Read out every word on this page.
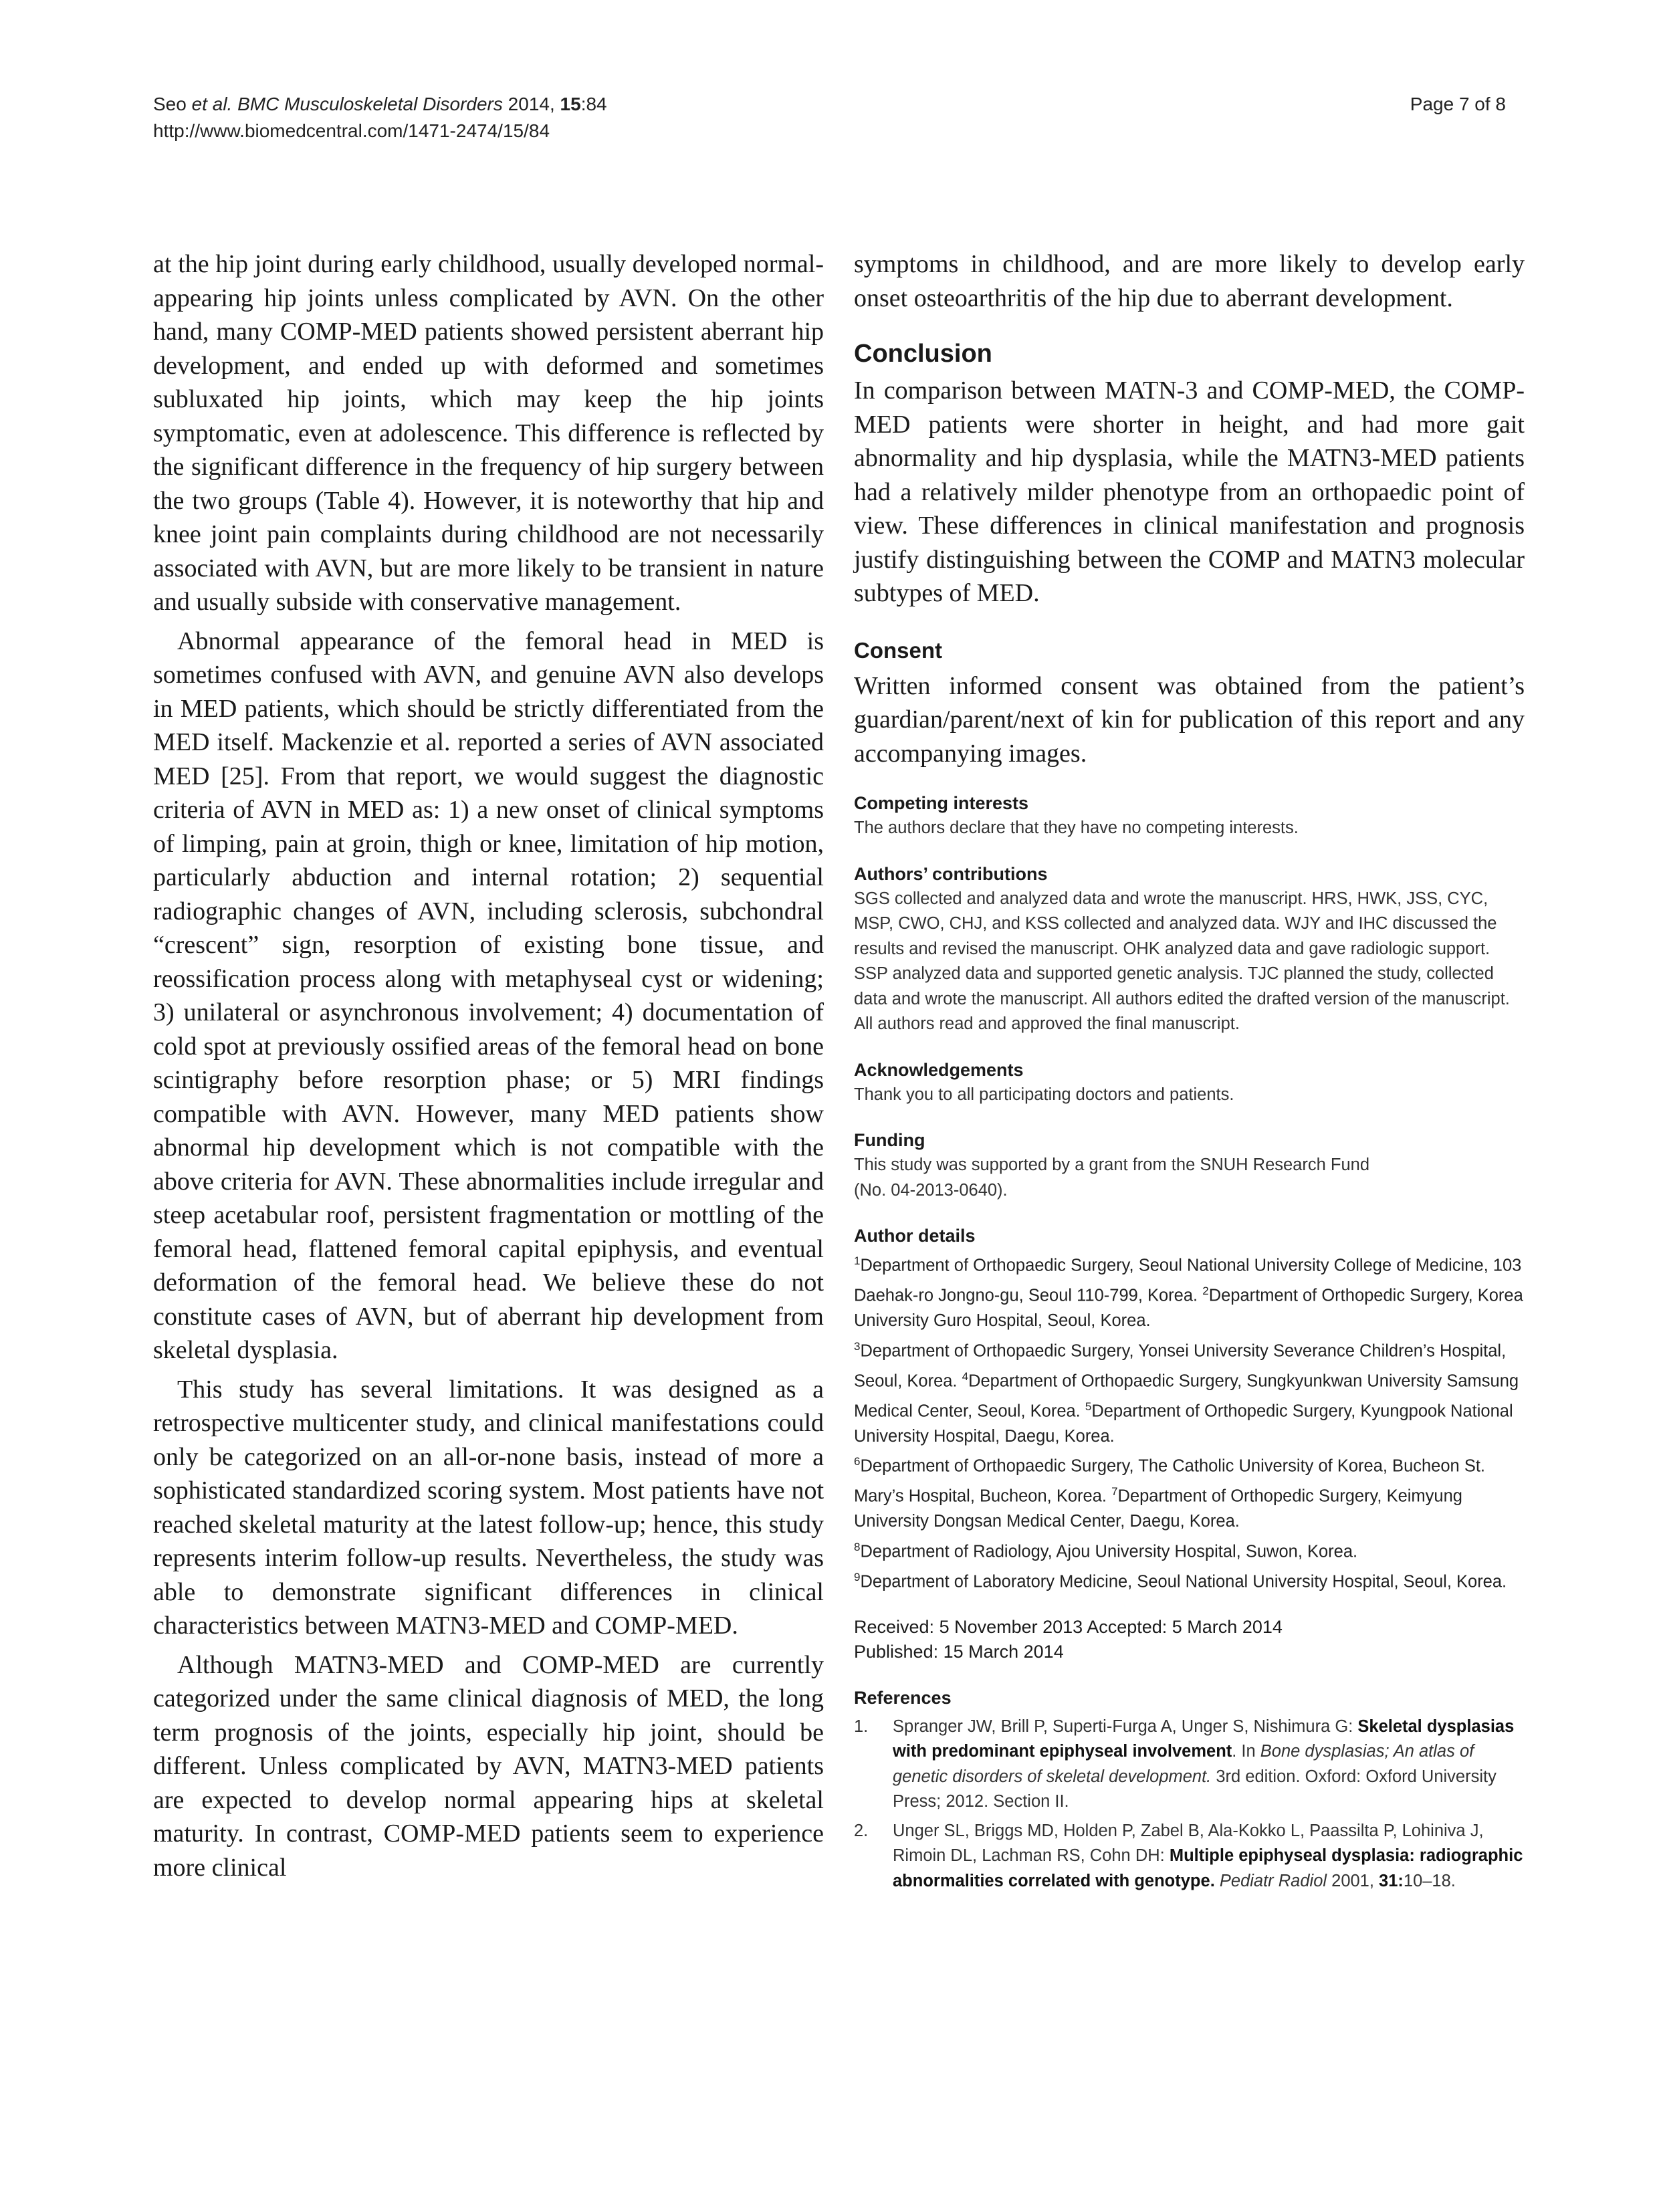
Seo et al. BMC Musculoskeletal Disorders 2014, 15:84
http://www.biomedcentral.com/1471-2474/15/84
Page 7 of 8

at the hip joint during early childhood, usually developed normal-appearing hip joints unless complicated by AVN. On the other hand, many COMP-MED patients showed persistent aberrant hip development, and ended up with deformed and sometimes subluxated hip joints, which may keep the hip joints symptomatic, even at adolescence. This difference is reflected by the significant difference in the frequency of hip surgery between the two groups (Table 4). However, it is noteworthy that hip and knee joint pain complaints during childhood are not necessarily associated with AVN, but are more likely to be transient in nature and usually subside with conservative management.

Abnormal appearance of the femoral head in MED is sometimes confused with AVN, and genuine AVN also develops in MED patients, which should be strictly differentiated from the MED itself. Mackenzie et al. reported a series of AVN associated MED [25]. From that report, we would suggest the diagnostic criteria of AVN in MED as: 1) a new onset of clinical symptoms of limping, pain at groin, thigh or knee, limitation of hip motion, particularly abduction and internal rotation; 2) sequential radiographic changes of AVN, including sclerosis, subchondral “crescent” sign, resorption of existing bone tissue, and reossification process along with metaphyseal cyst or widening; 3) unilateral or asynchronous involvement; 4) documentation of cold spot at previously ossified areas of the femoral head on bone scintigraphy before resorption phase; or 5) MRI findings compatible with AVN. However, many MED patients show abnormal hip development which is not compatible with the above criteria for AVN. These abnormalities include irregular and steep acetabular roof, persistent fragmentation or mottling of the femoral head, flattened femoral capital epiphysis, and eventual deformation of the femoral head. We believe these do not constitute cases of AVN, but of aberrant hip development from skeletal dysplasia.

This study has several limitations. It was designed as a retrospective multicenter study, and clinical manifestations could only be categorized on an all-or-none basis, instead of more a sophisticated standardized scoring system. Most patients have not reached skeletal maturity at the latest follow-up; hence, this study represents interim follow-up results. Nevertheless, the study was able to demonstrate significant differences in clinical characteristics between MATN3-MED and COMP-MED.

Although MATN3-MED and COMP-MED are currently categorized under the same clinical diagnosis of MED, the long term prognosis of the joints, especially hip joint, should be different. Unless complicated by AVN, MATN3-MED patients are expected to develop normal appearing hips at skeletal maturity. In contrast, COMP-MED patients seem to experience more clinical

symptoms in childhood, and are more likely to develop early onset osteoarthritis of the hip due to aberrant development.

Conclusion

In comparison between MATN-3 and COMP-MED, the COMP-MED patients were shorter in height, and had more gait abnormality and hip dysplasia, while the MATN3-MED patients had a relatively milder phenotype from an orthopaedic point of view. These differences in clinical manifestation and prognosis justify distinguishing between the COMP and MATN3 molecular subtypes of MED.

Consent

Written informed consent was obtained from the patient’s guardian/parent/next of kin for publication of this report and any accompanying images.

Competing interests

The authors declare that they have no competing interests.

Authors’ contributions

SGS collected and analyzed data and wrote the manuscript. HRS, HWK, JSS, CYC, MSP, CWO, CHJ, and KSS collected and analyzed data. WJY and IHC discussed the results and revised the manuscript. OHK analyzed data and gave radiologic support. SSP analyzed data and supported genetic analysis. TJC planned the study, collected data and wrote the manuscript. All authors edited the drafted version of the manuscript. All authors read and approved the final manuscript.

Acknowledgements

Thank you to all participating doctors and patients.

Funding

This study was supported by a grant from the SNUH Research Fund
(No. 04-2013-0640).

Author details

$^1$Department of Orthopaedic Surgery, Seoul National University College of Medicine, 103 Daehak-ro Jongno-gu, Seoul 110-799, Korea. $^2$Department of Orthopedic Surgery, Korea University Guro Hospital, Seoul, Korea.
$^3$Department of Orthopaedic Surgery, Yonsei University Severance Children’s Hospital, Seoul, Korea. $^4$Department of Orthopaedic Surgery, Sungkyunkwan University Samsung Medical Center, Seoul, Korea. $^5$Department of Orthopedic Surgery, Kyungpook National University Hospital, Daegu, Korea.
$^6$Department of Orthopaedic Surgery, The Catholic University of Korea, Bucheon St. Mary’s Hospital, Bucheon, Korea. $^7$Department of Orthopedic Surgery, Keimyung University Dongsan Medical Center, Daegu, Korea.
$^8$Department of Radiology, Ajou University Hospital, Suwon, Korea.
$^9$Department of Laboratory Medicine, Seoul National University Hospital, Seoul, Korea.

Received: 5 November 2013 Accepted: 5 March 2014
Published: 15 March 2014
References
1.	Spranger JW, Brill P, Superti-Furga A, Unger S, Nishimura G: Skeletal dysplasias with predominant epiphyseal involvement. In Bone dysplasias; An atlas of genetic disorders of skeletal development. 3rd edition. Oxford: Oxford University Press; 2012. Section II.
2.	Unger SL, Briggs MD, Holden P, Zabel B, Ala-Kokko L, Paassilta P, Lohiniva J, Rimoin DL, Lachman RS, Cohn DH: Multiple epiphyseal dysplasia: radiographic abnormalities correlated with genotype. Pediatr Radiol 2001, 31:10–18.
